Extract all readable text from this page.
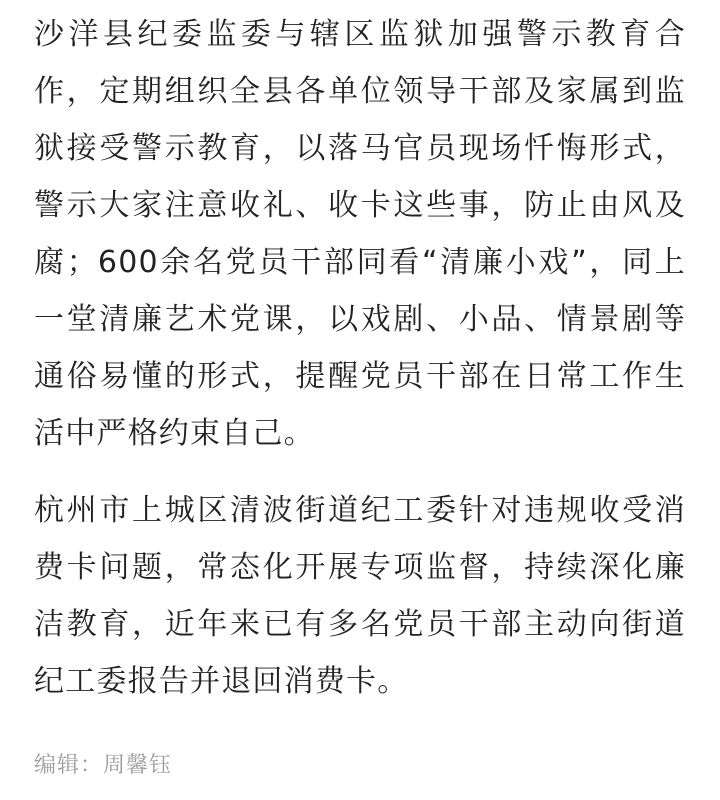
沙洋县纪委监委与辖区监狱加强警示教育合作，定期组织全县各单位领导干部及家属到监狱接受警示教育，以落马官员现场忏悔形式，警示大家注意收礼、收卡这些事，防止由风及腐；600余名党员干部同看“清廉小戏”，同上一堂清廉艺术党课，以戏剧、小品、情景剧等通俗易懂的形式，提醒党员干部在日常工作生活中严格约束自己。

杭州市上城区清波街道纪工委针对违规收受消费卡问题，常态化开展专项监督，持续深化廉洁教育，近年来已有多名党员干部主动向街道纪工委报告并退回消费卡。

编辑：周馨钰
